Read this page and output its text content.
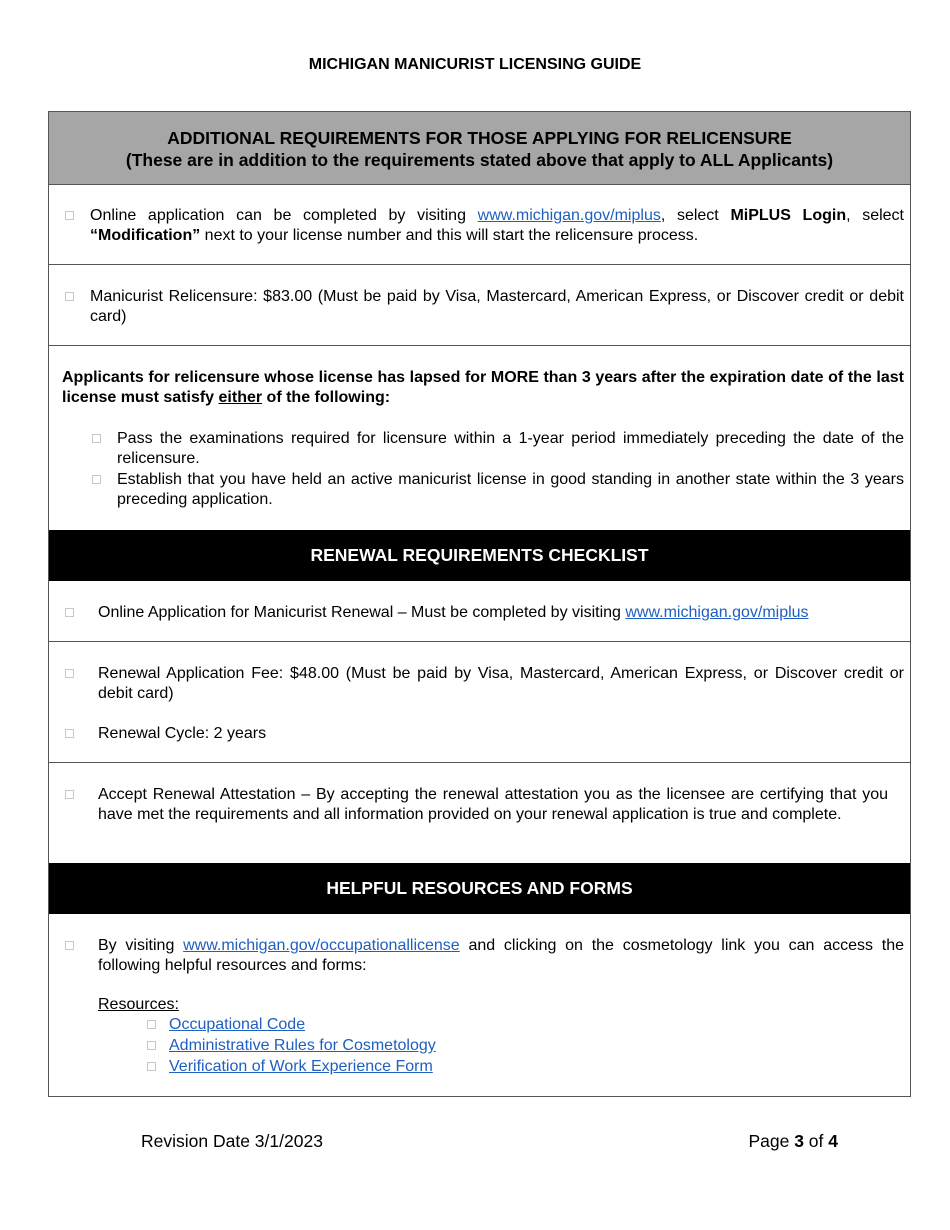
MICHIGAN MANICURIST LICENSING GUIDE
ADDITIONAL REQUIREMENTS FOR THOSE APPLYING FOR RELICENSURE
(These are in addition to the requirements stated above that apply to ALL Applicants)
Online application can be completed by visiting www.michigan.gov/miplus, select MiPLUS Login, select “Modification” next to your license number and this will start the relicensure process.
Manicurist Relicensure: $83.00 (Must be paid by Visa, Mastercard, American Express, or Discover credit or debit card)
Applicants for relicensure whose license has lapsed for MORE than 3 years after the expiration date of the last license must satisfy either of the following:
Pass the examinations required for licensure within a 1-year period immediately preceding the date of the relicensure.
Establish that you have held an active manicurist license in good standing in another state within the 3 years preceding application.
RENEWAL REQUIREMENTS CHECKLIST
Online Application for Manicurist Renewal – Must be completed by visiting www.michigan.gov/miplus
Renewal Application Fee: $48.00 (Must be paid by Visa, Mastercard, American Express, or Discover credit or debit card)
Renewal Cycle: 2 years
Accept Renewal Attestation – By accepting the renewal attestation you as the licensee are certifying that you have met the requirements and all information provided on your renewal application is true and complete.
HELPFUL RESOURCES AND FORMS
By visiting www.michigan.gov/occupationallicense and clicking on the cosmetology link you can access the following helpful resources and forms:
Resources:
Occupational Code
Administrative Rules for Cosmetology
Verification of Work Experience Form
Revision Date 3/1/2023	Page 3 of 4
